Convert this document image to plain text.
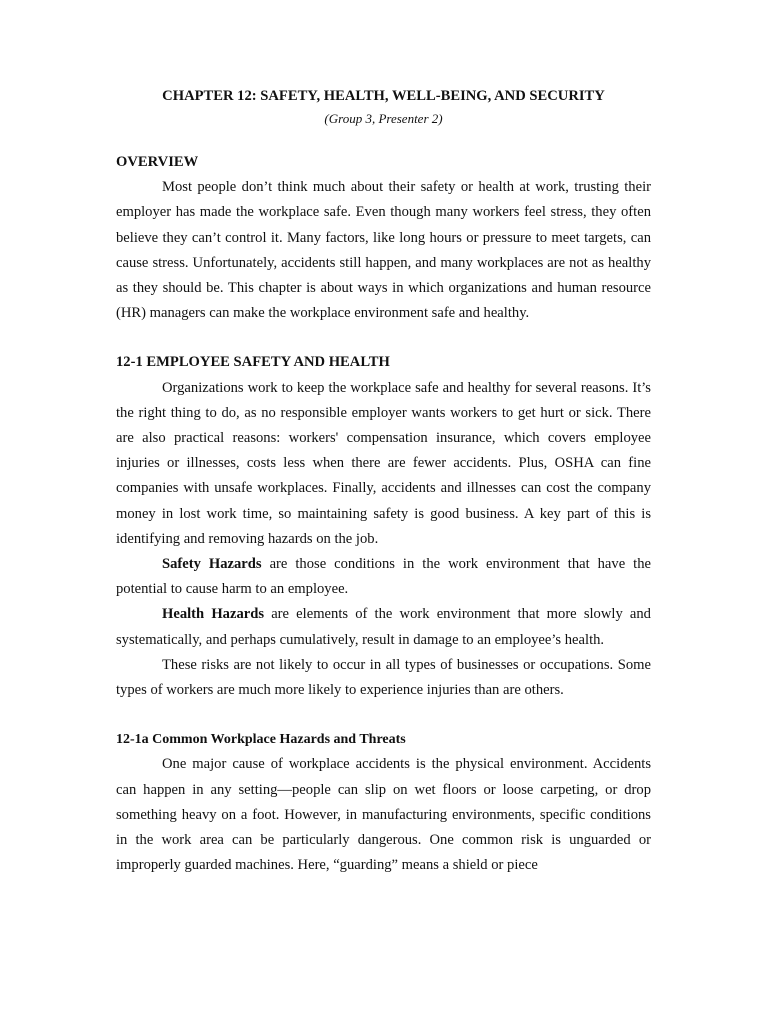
CHAPTER 12: SAFETY, HEALTH, WELL-BEING, AND SECURITY
(Group 3, Presenter 2)
OVERVIEW

Most people don’t think much about their safety or health at work, trusting their employer has made the workplace safe. Even though many workers feel stress, they often believe they can’t control it. Many factors, like long hours or pressure to meet targets, can cause stress. Unfortunately, accidents still happen, and many workplaces are not as healthy as they should be. This chapter is about ways in which organizations and human resource (HR) managers can make the workplace environment safe and healthy.

12-1 EMPLOYEE SAFETY AND HEALTH

Organizations work to keep the workplace safe and healthy for several reasons. It’s the right thing to do, as no responsible employer wants workers to get hurt or sick. There are also practical reasons: workers' compensation insurance, which covers employee injuries or illnesses, costs less when there are fewer accidents. Plus, OSHA can fine companies with unsafe workplaces. Finally, accidents and illnesses can cost the company money in lost work time, so maintaining safety is good business. A key part of this is identifying and removing hazards on the job.

Safety Hazards are those conditions in the work environment that have the potential to cause harm to an employee.

Health Hazards are elements of the work environment that more slowly and systematically, and perhaps cumulatively, result in damage to an employee’s health.

These risks are not likely to occur in all types of businesses or occupations. Some types of workers are much more likely to experience injuries than are others.

12-1a Common Workplace Hazards and Threats

One major cause of workplace accidents is the physical environment. Accidents can happen in any setting—people can slip on wet floors or loose carpeting, or drop something heavy on a foot. However, in manufacturing environments, specific conditions in the work area can be particularly dangerous. One common risk is unguarded or improperly guarded machines. Here, “guarding” means a shield or piece
